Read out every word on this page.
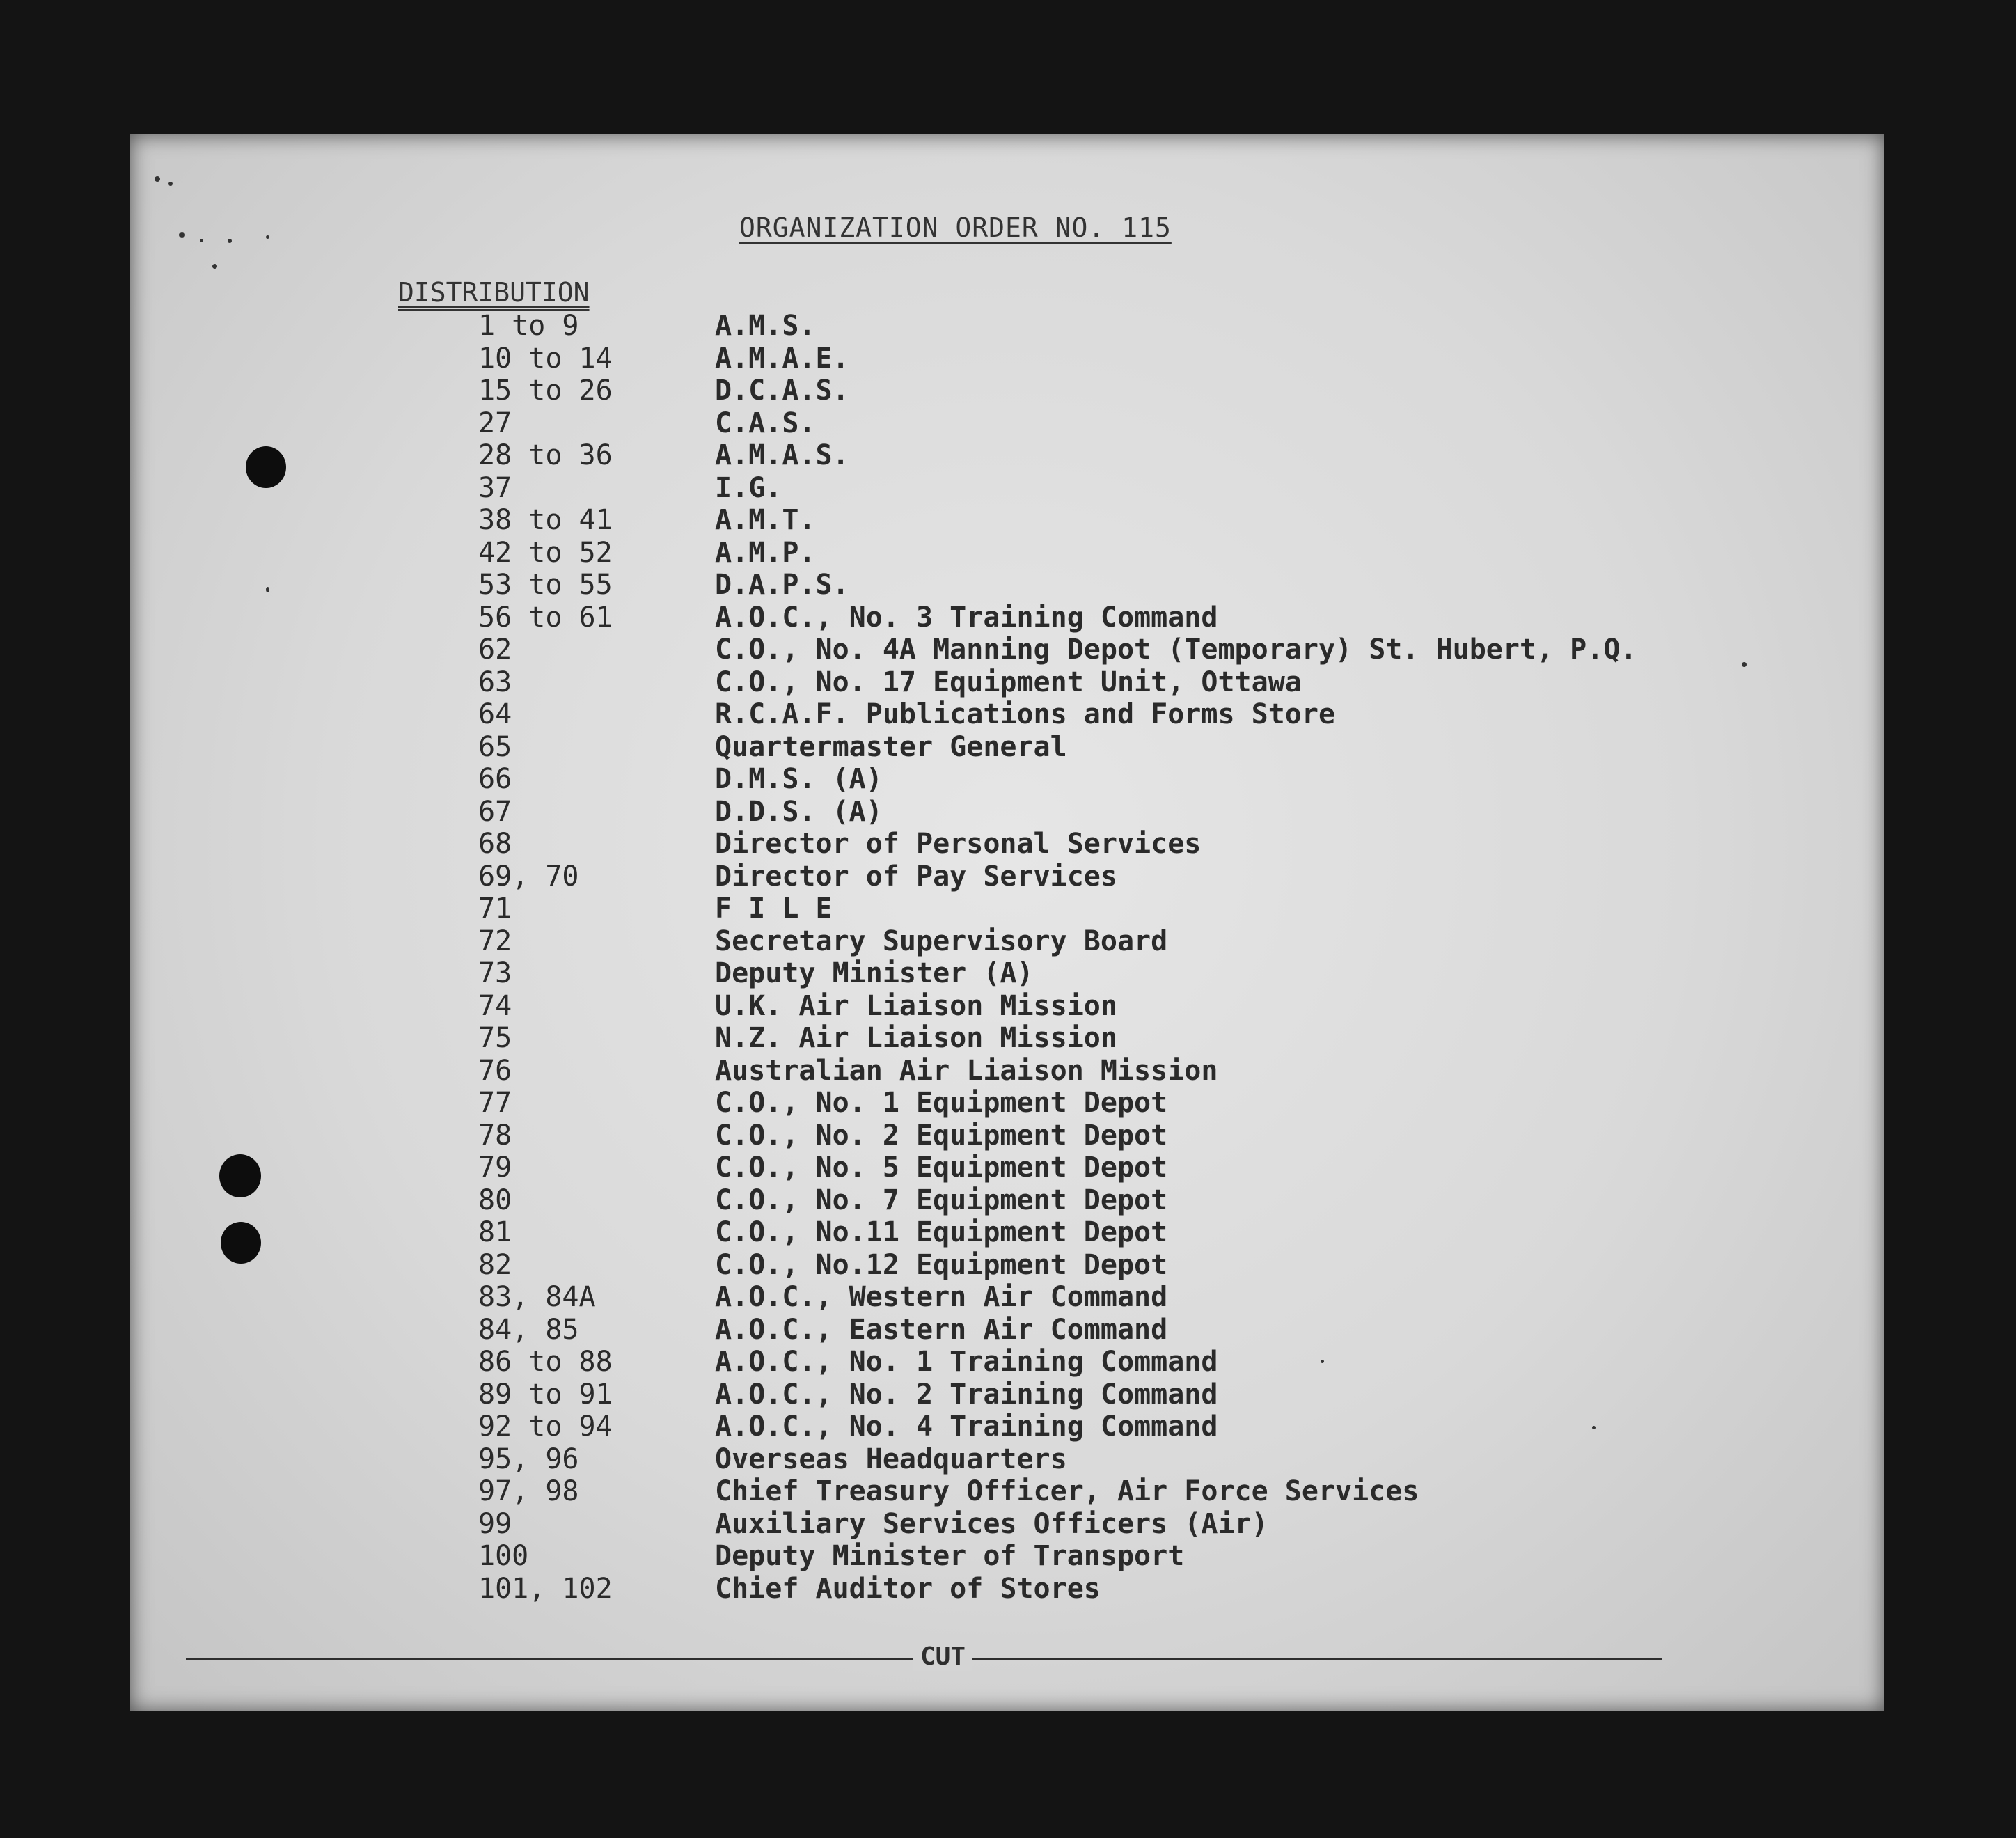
ORGANIZATION ORDER NO. 115
DISTRIBUTION
1 to 9	A.M.S.
10 to 14	A.M.A.E.
15 to 26	D.C.A.S.
27	C.A.S.
28 to 36	A.M.A.S.
37	I.G.
38 to 41	A.M.T.
42 to 52	A.M.P.
53 to 55	D.A.P.S.
56 to 61	A.O.C., No. 3 Training Command
62	C.O., No. 4A Manning Depot (Temporary) St. Hubert, P.Q.
63	C.O., No. 17 Equipment Unit, Ottawa
64	R.C.A.F. Publications and Forms Store
65	Quartermaster General
66	D.M.S. (A)
67	D.D.S. (A)
68	Director of Personal Services
69, 70	Director of Pay Services
71	F I L E
72	Secretary Supervisory Board
73	Deputy Minister (A)
74	U.K. Air Liaison Mission
75	N.Z. Air Liaison Mission
76	Australian Air Liaison Mission
77	C.O., No. 1 Equipment Depot
78	C.O., No. 2 Equipment Depot
79	C.O., No. 5 Equipment Depot
80	C.O., No. 7 Equipment Depot
81	C.O., No.11 Equipment Depot
82	C.O., No.12 Equipment Depot
83, 84A	A.O.C., Western Air Command
84, 85	A.O.C., Eastern Air Command
86 to 88	A.O.C., No. 1 Training Command
89 to 91	A.O.C., No. 2 Training Command
92 to 94	A.O.C., No. 4 Training Command
95, 96	Overseas Headquarters
97, 98	Chief Treasury Officer, Air Force Services
99	Auxiliary Services Officers (Air)
100	Deputy Minister of Transport
101, 102	Chief Auditor of Stores
CUT
